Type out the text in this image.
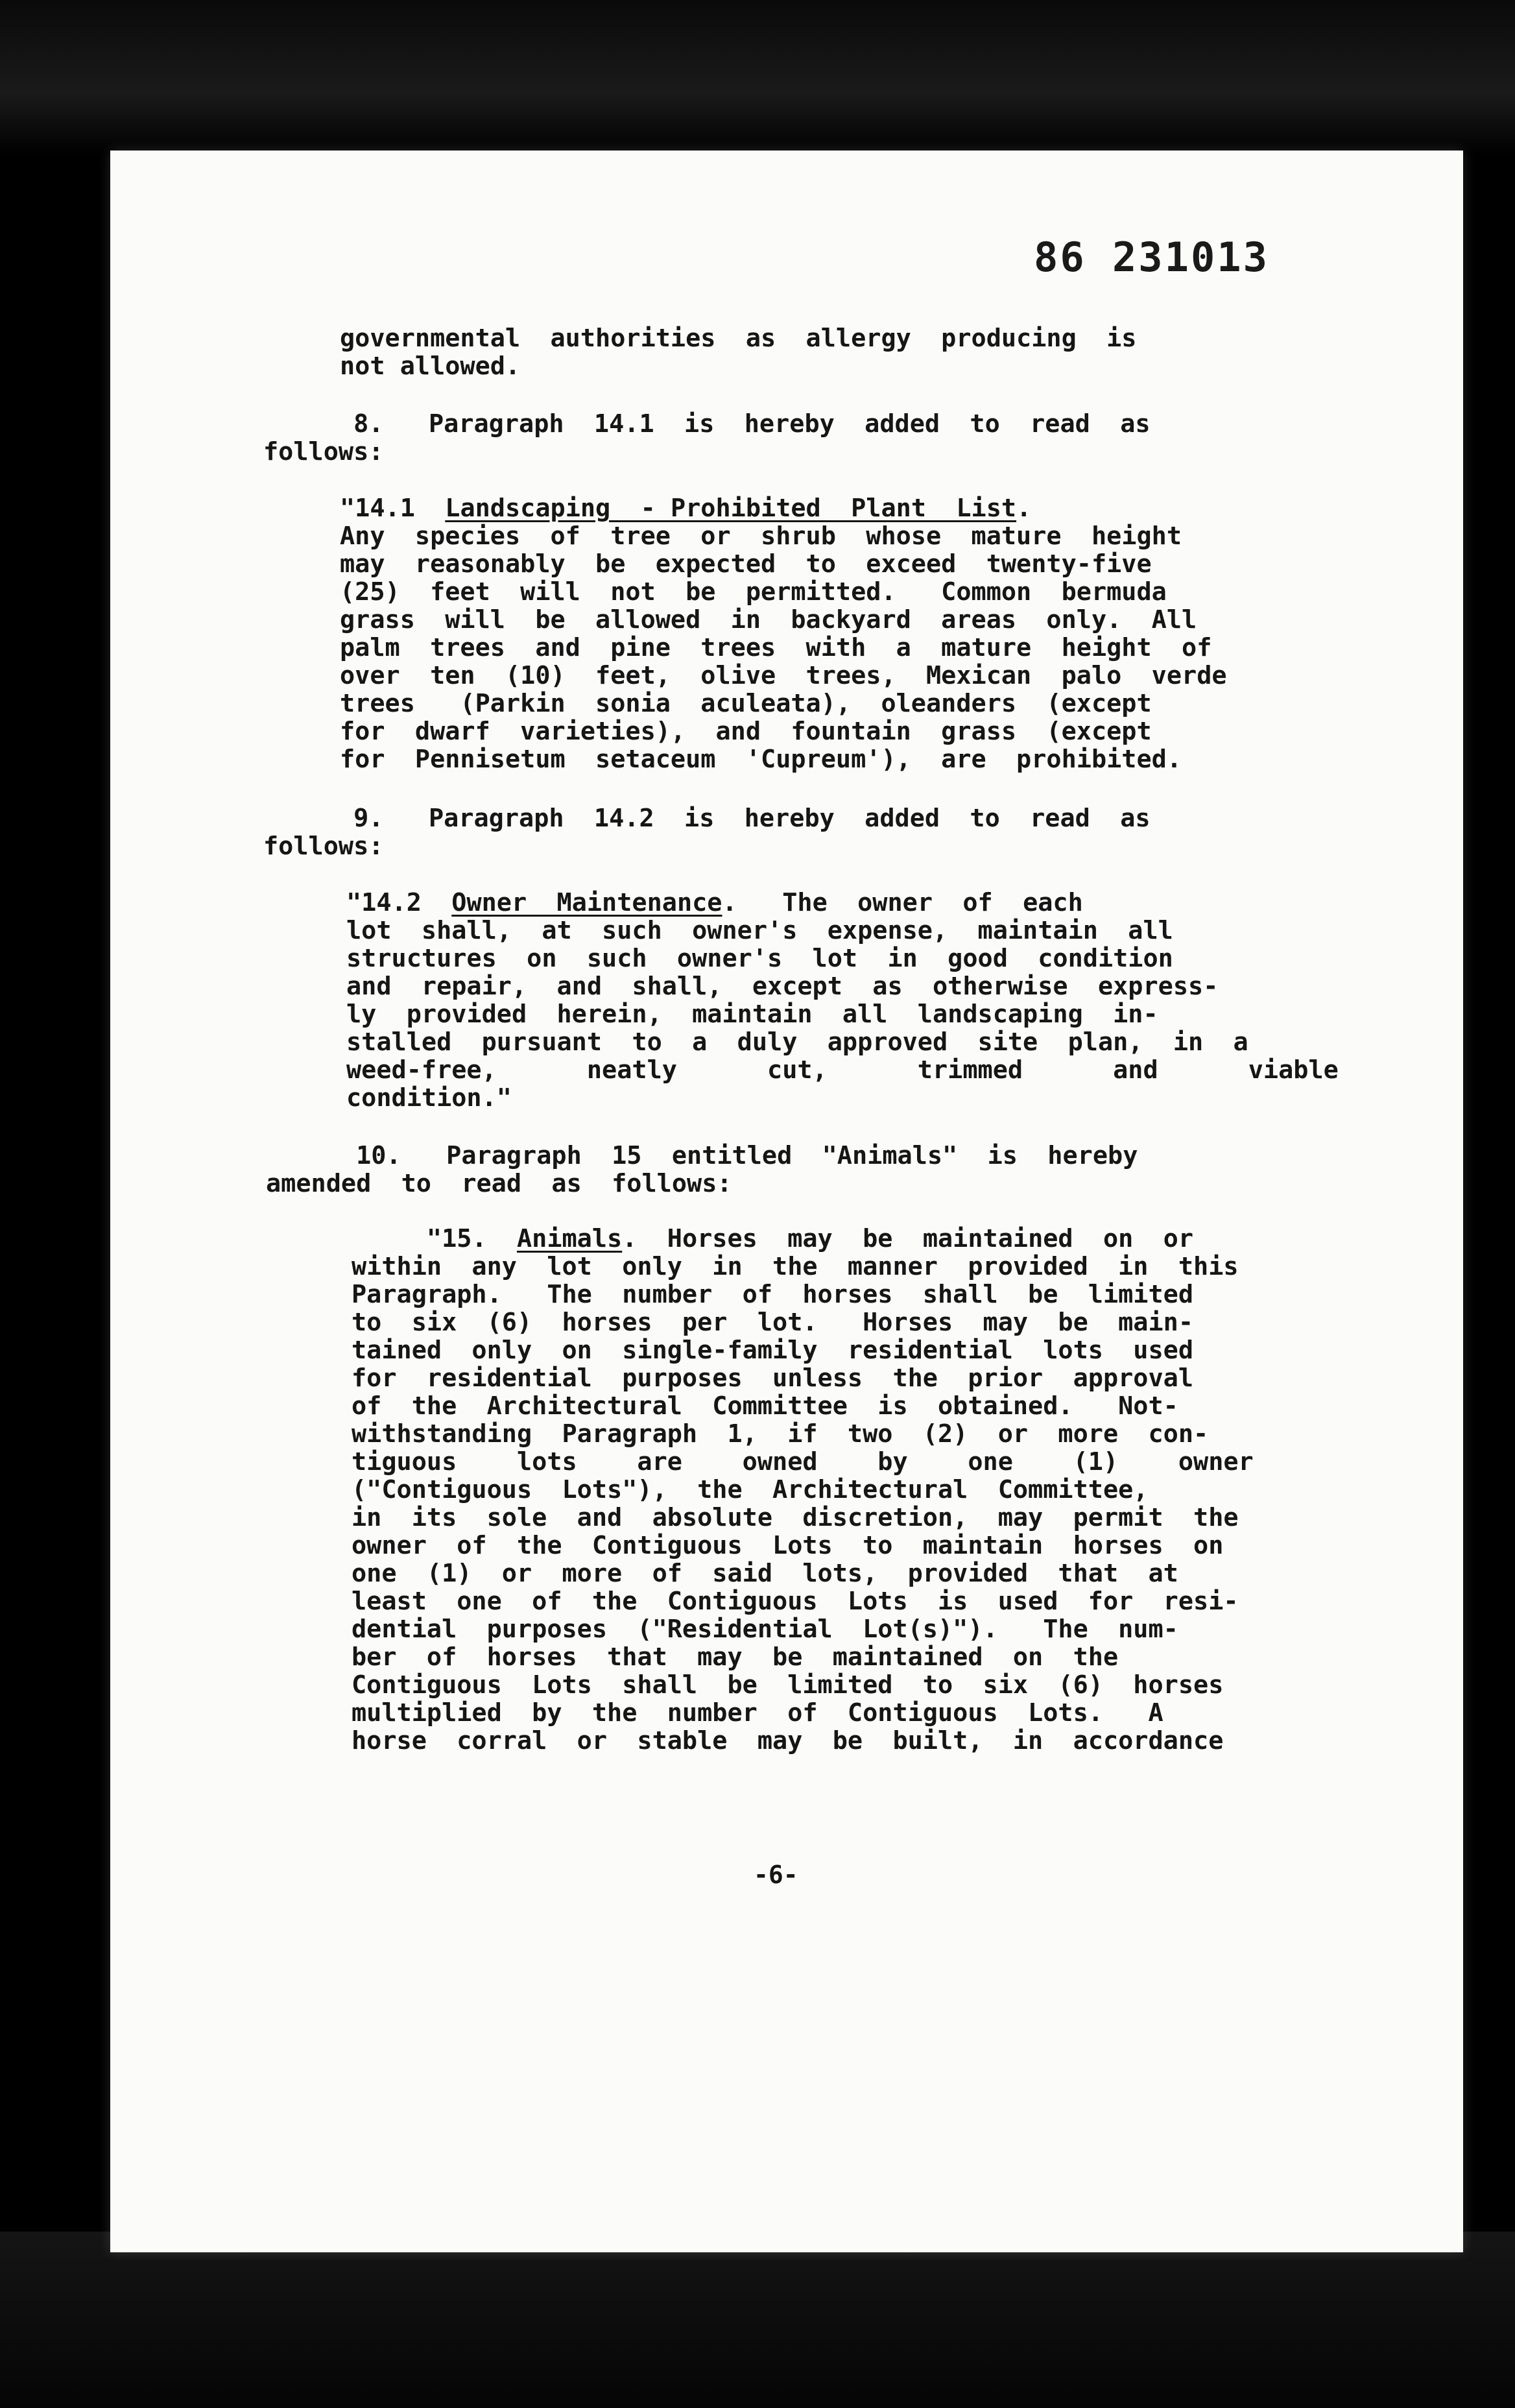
86 231013
governmental  authorities  as  allergy  producing  is
not allowed.
8.   Paragraph  14.1  is  hereby  added  to  read  as
follows:
"14.1  Landscaping  - Prohibited  Plant  List.
Any  species  of  tree  or  shrub  whose  mature  height
may  reasonably  be  expected  to  exceed  twenty-five
(25)  feet  will  not  be  permitted.   Common  bermuda
grass  will  be  allowed  in  backyard  areas  only.  All
palm  trees  and  pine  trees  with  a  mature  height  of
over  ten  (10)  feet,  olive  trees,  Mexican  palo  verde
trees   (Parkin  sonia  aculeata),  oleanders  (except
for  dwarf  varieties),  and  fountain  grass  (except
for  Pennisetum  setaceum  'Cupreum'),  are  prohibited.
9.   Paragraph  14.2  is  hereby  added  to  read  as
follows:
"14.2  Owner  Maintenance.   The  owner  of  each
lot  shall,  at  such  owner's  expense,  maintain  all
structures  on  such  owner's  lot  in  good  condition
and  repair,  and  shall,  except  as  otherwise  express-
ly  provided  herein,  maintain  all  landscaping  in-
stalled  pursuant  to  a  duly  approved  site  plan,  in  a
weed-free,      neatly      cut,      trimmed      and      viable
condition."
10.   Paragraph  15  entitled  "Animals"  is  hereby
amended  to  read  as  follows:
"15.  Animals.  Horses  may  be  maintained  on  or
within  any  lot  only  in  the  manner  provided  in  this
Paragraph.   The  number  of  horses  shall  be  limited
to  six  (6)  horses  per  lot.   Horses  may  be  main-
tained  only  on  single-family  residential  lots  used
for  residential  purposes  unless  the  prior  approval
of  the  Architectural  Committee  is  obtained.   Not-
withstanding  Paragraph  1,  if  two  (2)  or  more  con-
tiguous    lots    are    owned    by    one    (1)    owner
("Contiguous  Lots"),  the  Architectural  Committee,
in  its  sole  and  absolute  discretion,  may  permit  the
owner  of  the  Contiguous  Lots  to  maintain  horses  on
one  (1)  or  more  of  said  lots,  provided  that  at
least  one  of  the  Contiguous  Lots  is  used  for  resi-
dential  purposes  ("Residential  Lot(s)").   The  num-
ber  of  horses  that  may  be  maintained  on  the
Contiguous  Lots  shall  be  limited  to  six  (6)  horses
multiplied  by  the  number  of  Contiguous  Lots.   A
horse  corral  or  stable  may  be  built,  in  accordance
-6-
